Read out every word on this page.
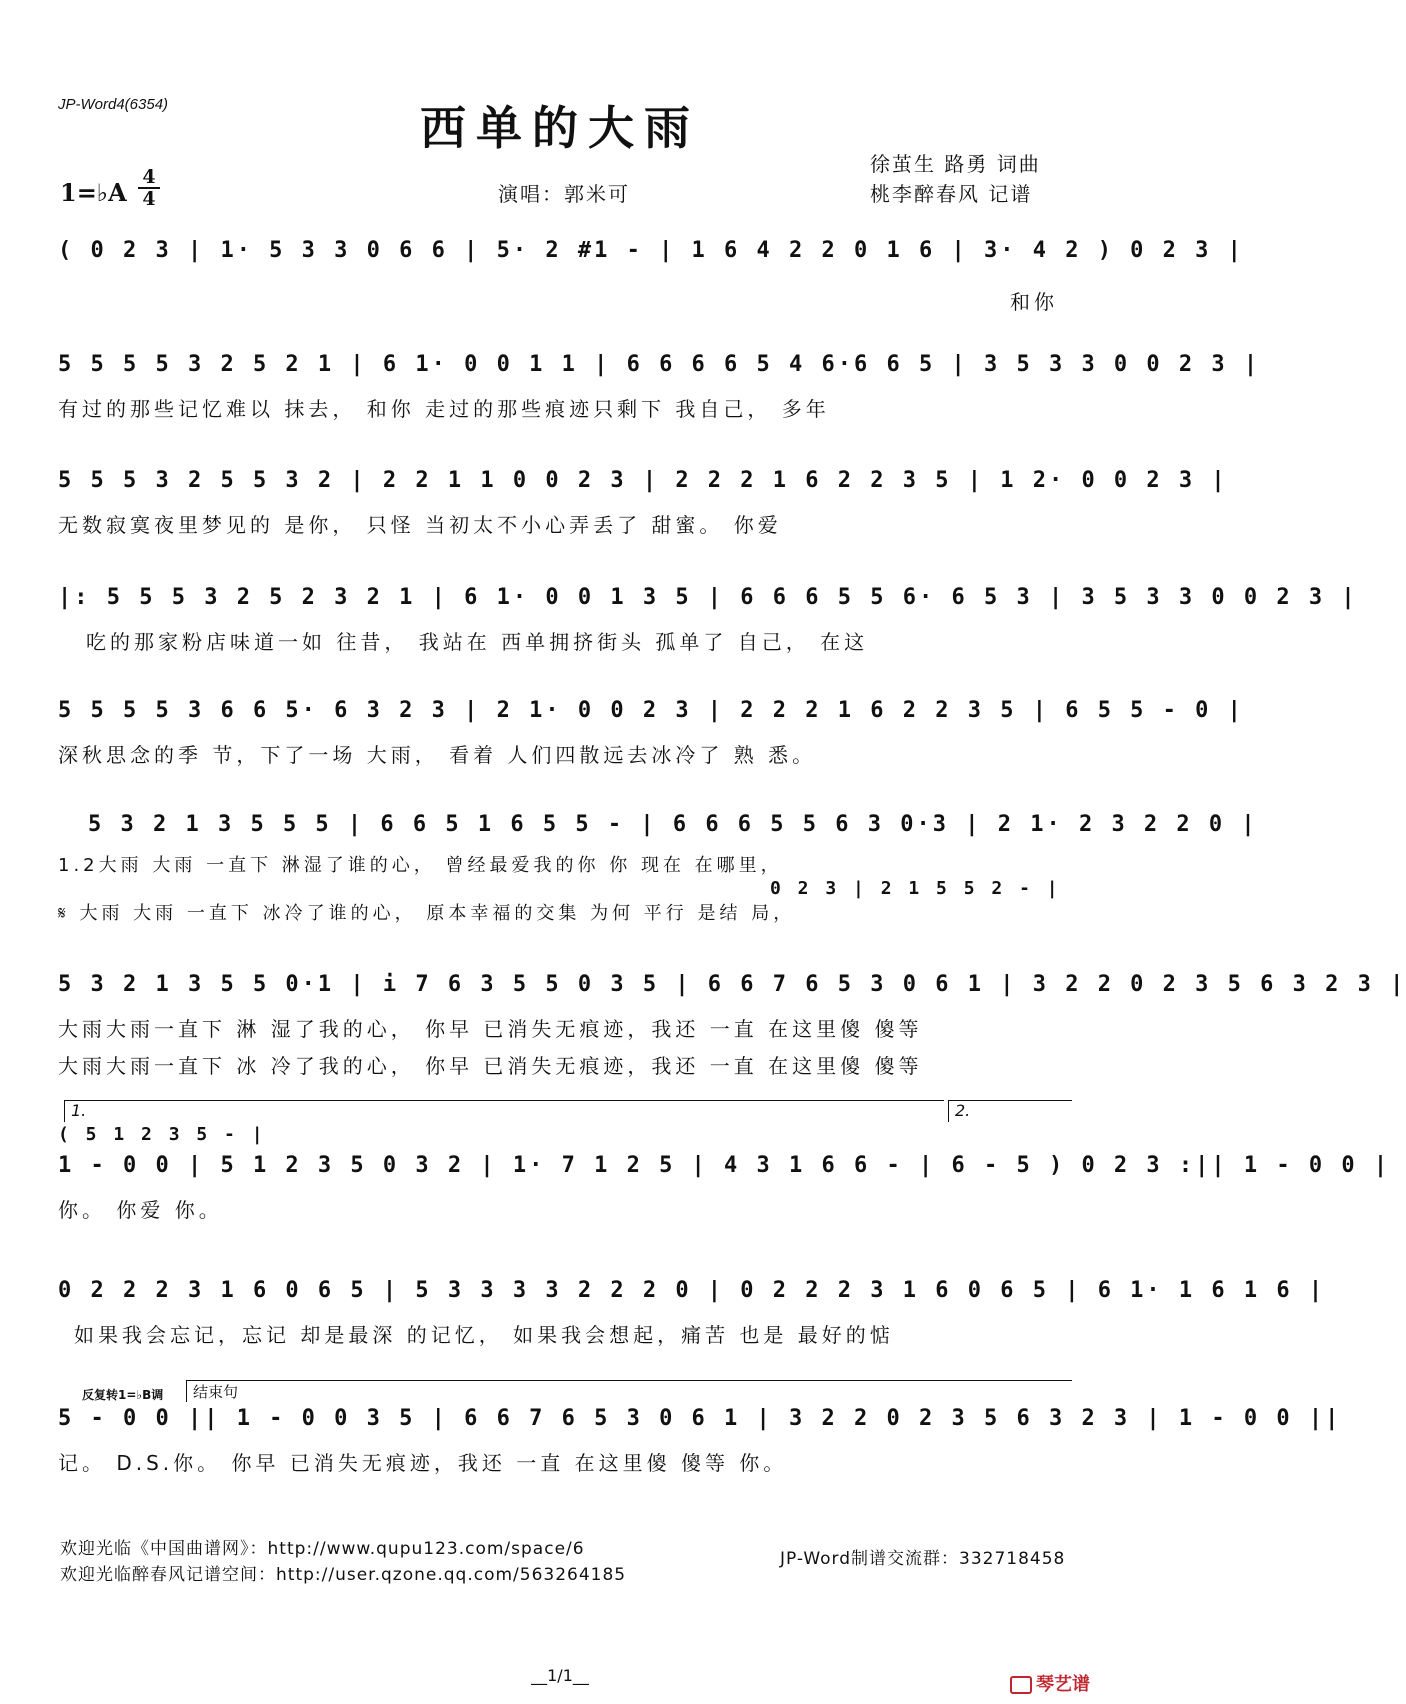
JP-Word4(6354)	西单的大雨
徐茧生 路勇 词曲
桃李醉春风 记谱
演唱：郭米可
1=♭A
4
4
( 0 2 3 | 1· 5 3 3 0 6 6 | 5· 2 #1 - | 1 6 4 2 2 0 1 6 | 3· 4 2 ) 0 2 3 |
和你
5 5 5 5 3 2 5 2 1 | 6 1· 0 0 1 1 | 6 6 6 6 5 4 6·6 6 5 | 3 5 3 3 0 0 2 3 |
有过的那些记忆难以 抹去， 和你 走过的那些痕迹只剩下 我自己， 多年
5 5 5 3 2 5 5 3 2 | 2 2 1 1 0 0 2 3 | 2 2 2 1 6 2 2 3 5 | 1 2· 0 0 2 3 |
无数寂寞夜里梦见的 是你， 只怪 当初太不小心弄丢了 甜蜜。 你爱
|: 5 5 5 3 2 5 2 3 2 1 | 6 1· 0 0 1 3 5 | 6 6 6 5 5 6· 6 5 3 | 3 5 3 3 0 0 2 3 |
吃的那家粉店味道一如 往昔， 我站在 西单拥挤街头 孤单了 自己， 在这
5 5 5 5 3 6 6 5· 6 3 2 3 | 2 1· 0 0 2 3 | 2 2 2 1 6 2 2 3 5 | 6 5 5 - 0 |
深秋思念的季 节，下了一场 大雨， 看着 人们四散远去冰冷了 熟 悉。
5 3 2 1 3 5 5 5 | 6 6 5 1 6 5 5 - | 6 6 6 5 5 6 3 0·3 | 2 1· 2 3 2 2 0 |
1.2大雨 大雨 一直下 淋湿了谁的心， 曾经最爱我的你 你 现在 在哪里，
0 2 3 | 2 1 5 5 2 - |
𝄋 大雨 大雨 一直下 冰冷了谁的心， 原本幸福的交集 为何 平行 是结 局，
5 3 2 1 3 5 5 0·1 | i 7 6 3 5 5 0 3 5 | 6 6 7 6 5 3 0 6 1 | 3 2 2 0 2 3 5 6 3 2 3 |
大雨大雨一直下 淋 湿了我的心， 你早 已消失无痕迹，我还 一直 在这里傻 傻等
大雨大雨一直下 冰 冷了我的心， 你早 已消失无痕迹，我还 一直 在这里傻 傻等
1.	2.
( 5 1 2 3 5 - |
1 - 0 0 | 5 1 2 3 5 0 3 2 | 1· 7 1 2 5 | 4 3 1 6 6 - | 6 - 5 ) 0 2 3 :|| 1 - 0 0 |
你。 你爱 你。
0 2 2 2 3 1 6 0 6 5 | 5 3 3 3 3 2 2 2 0 | 0 2 2 2 3 1 6 0 6 5 | 6 1· 1 6 1 6 |
如果我会忘记，忘记 却是最深 的记忆， 如果我会想起，痛苦 也是 最好的惦
反复转1=♭B调	结束句
5 - 0 0 || 1 - 0 0 3 5 | 6 6 7 6 5 3 0 6 1 | 3 2 2 0 2 3 5 6 3 2 3 | 1 - 0 0 ||
记。 D.S.你。 你早 已消失无痕迹，我还 一直 在这里傻 傻等 你。
欢迎光临《中国曲谱网》：http://www.qupu123.com/space/6
欢迎光临醉春风记谱空间：http://user.qzone.qq.com/563264185
JP-Word制谱交流群：332718458
__1/1__	琴艺谱
